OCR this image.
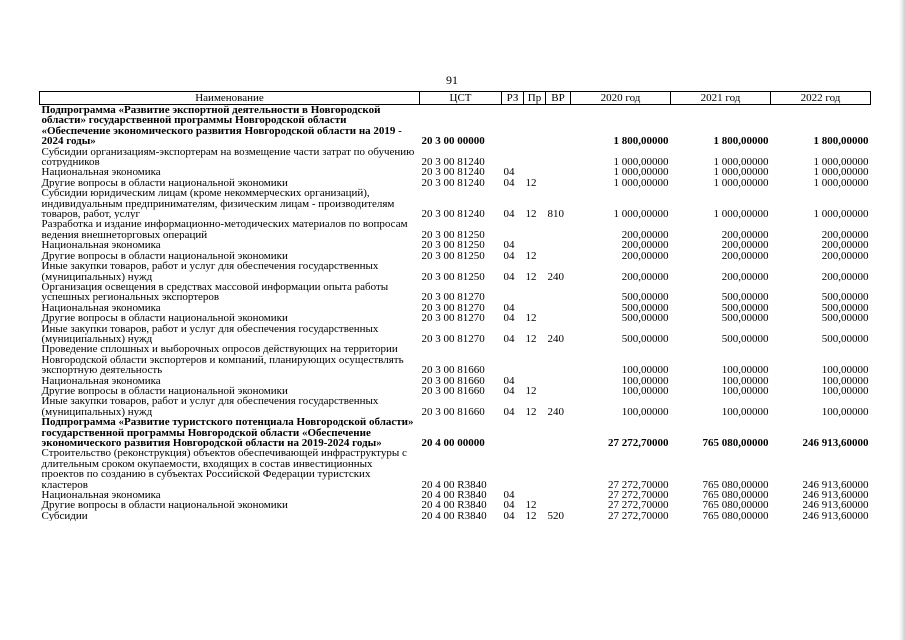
91
Наименование	ЦСТ	РЗ	Пр	ВР	2020 год	2021 год	2022 год
Подпрограмма «Развитие экспортной деятельности в Новгородской области» государственной программы Новгородской области «Обеспечение экономического развития Новгородской области на 2019 - 2024 годы»	20 3 00 00000				1 800,00000	1 800,00000	1 800,00000
Субсидии организациям-экспортерам на возмещение части затрат по обучению сотрудников	20 3 00 81240				1 000,00000	1 000,00000	1 000,00000
Национальная экономика	20 3 00 81240	04			1 000,00000	1 000,00000	1 000,00000
Другие вопросы в области национальной экономики	20 3 00 81240	04	12		1 000,00000	1 000,00000	1 000,00000
Субсидии юридическим лицам (кроме некоммерческих организаций), индивидуальным предпринимателям, физическим лицам - производителям товаров, работ, услуг	20 3 00 81240	04	12	810	1 000,00000	1 000,00000	1 000,00000
Разработка и издание информационно-методических материалов по вопросам ведения внешнеторговых операций	20 3 00 81250				200,00000	200,00000	200,00000
Национальная экономика	20 3 00 81250	04			200,00000	200,00000	200,00000
Другие вопросы в области национальной экономики	20 3 00 81250	04	12		200,00000	200,00000	200,00000
Иные закупки товаров, работ и услуг для обеспечения государственных (муниципальных) нужд	20 3 00 81250	04	12	240	200,00000	200,00000	200,00000
Организация освещения в средствах массовой информации опыта работы успешных региональных экспортеров	20 3 00 81270				500,00000	500,00000	500,00000
Национальная экономика	20 3 00 81270	04			500,00000	500,00000	500,00000
Другие вопросы в области национальной экономики	20 3 00 81270	04	12		500,00000	500,00000	500,00000
Иные закупки товаров, работ и услуг для обеспечения государственных (муниципальных) нужд	20 3 00 81270	04	12	240	500,00000	500,00000	500,00000
Проведение сплошных и выборочных опросов действующих на территории Новгородской области экспортеров и компаний, планирующих осуществлять экспортную деятельность	20 3 00 81660				100,00000	100,00000	100,00000
Национальная экономика	20 3 00 81660	04			100,00000	100,00000	100,00000
Другие вопросы в области национальной экономики	20 3 00 81660	04	12		100,00000	100,00000	100,00000
Иные закупки товаров, работ и услуг для обеспечения государственных (муниципальных) нужд	20 3 00 81660	04	12	240	100,00000	100,00000	100,00000
Подпрограмма «Развитие туристского потенциала Новгородской области» государственной программы Новгородской области «Обеспечение экономического развития Новгородской области на 2019-2024 годы»	20 4 00 00000				27 272,70000	765 080,00000	246 913,60000
Строительство (реконструкция) объектов обеспечивающей инфраструктуры с длительным сроком окупаемости, входящих в состав инвестиционных проектов по созданию в субъектах Российской Федерации туристских кластеров	20 4 00 R3840				27 272,70000	765 080,00000	246 913,60000
Национальная экономика	20 4 00 R3840	04			27 272,70000	765 080,00000	246 913,60000
Другие вопросы в области национальной экономики	20 4 00 R3840	04	12		27 272,70000	765 080,00000	246 913,60000
Субсидии	20 4 00 R3840	04	12	520	27 272,70000	765 080,00000	246 913,60000
